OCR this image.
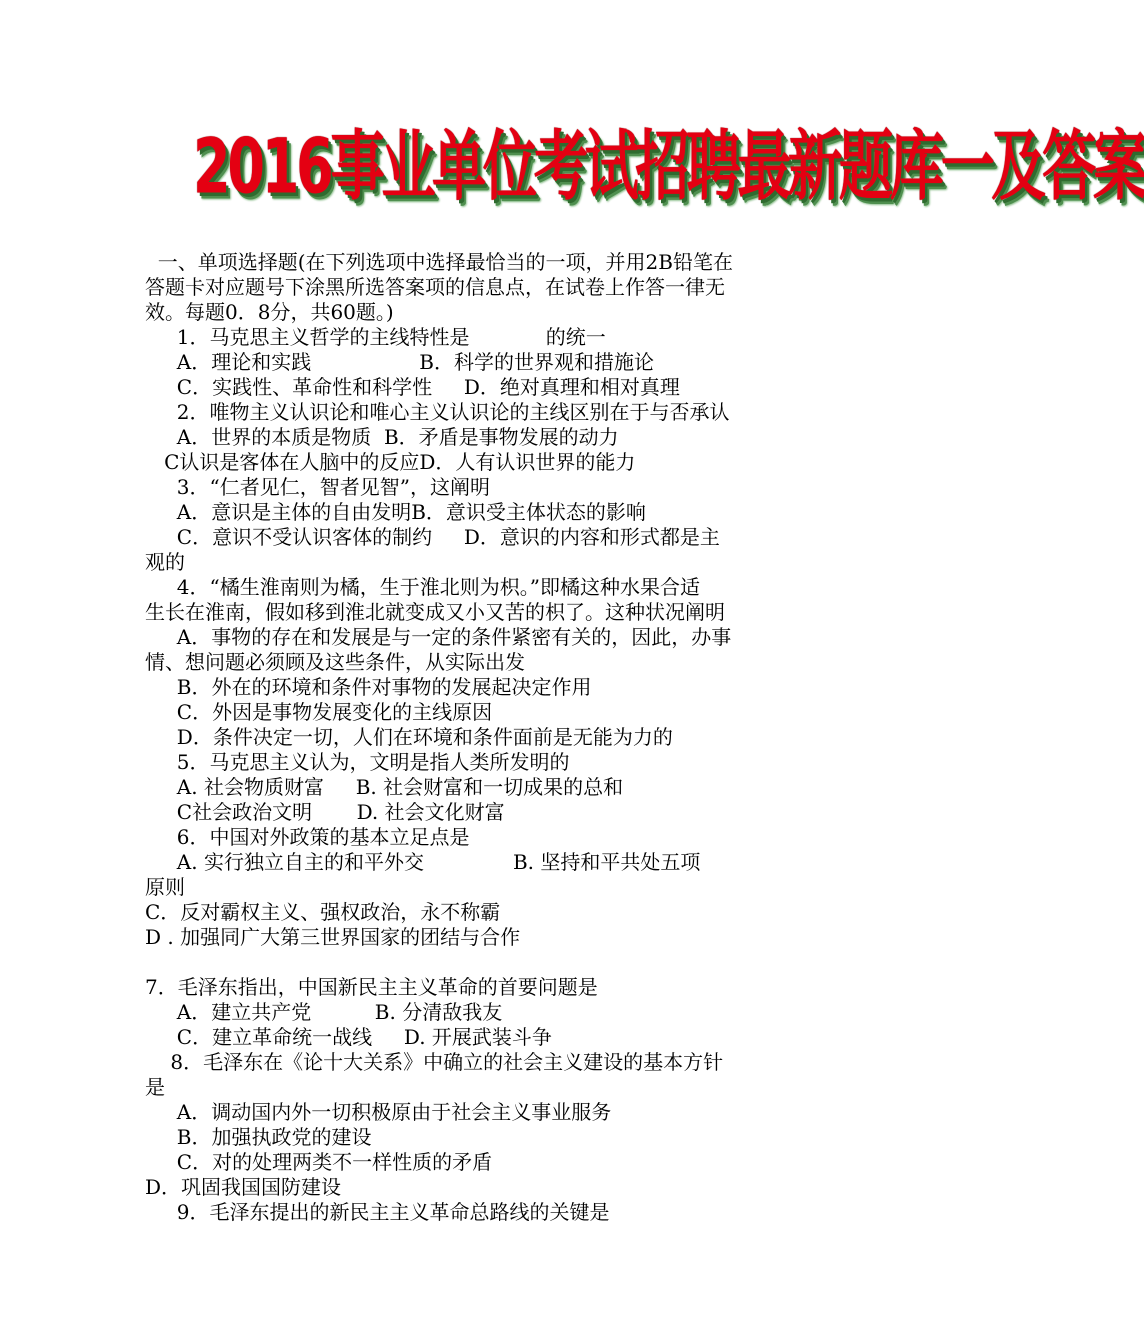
2016事业单位考试招聘最新题库一及答案
一、单项选择题(在下列选项中选择最恰当的一项，并用2B铅笔在
答题卡对应题号下涂黑所选答案项的信息点，在试卷上作答一律无
效。每题0．8分，共60题。)
1．马克思主义哲学的主线特性是            的统一
A．理论和实践                 B．科学的世界观和措施论
C．实践性、革命性和科学性     D．绝对真理和相对真理
2．唯物主义认识论和唯心主义认识论的主线区别在于与否承认
A．世界的本质是物质  B．矛盾是事物发展的动力
C认识是客体在人脑中的反应D．人有认识世界的能力
3．“仁者见仁，智者见智”，这阐明
A．意识是主体的自由发明B．意识受主体状态的影响
C．意识不受认识客体的制约     D．意识的内容和形式都是主
观的
4．“橘生淮南则为橘，生于淮北则为枳。”即橘这种水果合适
生长在淮南，假如移到淮北就变成又小又苦的枳了。这种状况阐明
A．事物的存在和发展是与一定的条件紧密有关的，因此，办事
情、想问题必须顾及这些条件，从实际出发
B．外在的环境和条件对事物的发展起决定作用
C．外因是事物发展变化的主线原因
D．条件决定一切，人们在环境和条件面前是无能为力的
5．马克思主义认为，文明是指人类所发明的
A. 社会物质财富     B. 社会财富和一切成果的总和
C社会政治文明       D. 社会文化财富
6．中国对外政策的基本立足点是
A. 实行独立自主的和平外交              B. 坚持和平共处五项
原则
C．反对霸权主义、强权政治，永不称霸
D . 加强同广大第三世界国家的团结与合作
7．毛泽东指出，中国新民主主义革命的首要问题是
A．建立共产党          B. 分清敌我友
C．建立革命统一战线     D. 开展武装斗争
8．毛泽东在《论十大关系》中确立的社会主义建设的基本方针
是
A．调动国内外一切积极原由于社会主义事业服务
B．加强执政党的建设
C．对的处理两类不一样性质的矛盾
D．巩固我国国防建设
9．毛泽东提出的新民主主义革命总路线的关键是
